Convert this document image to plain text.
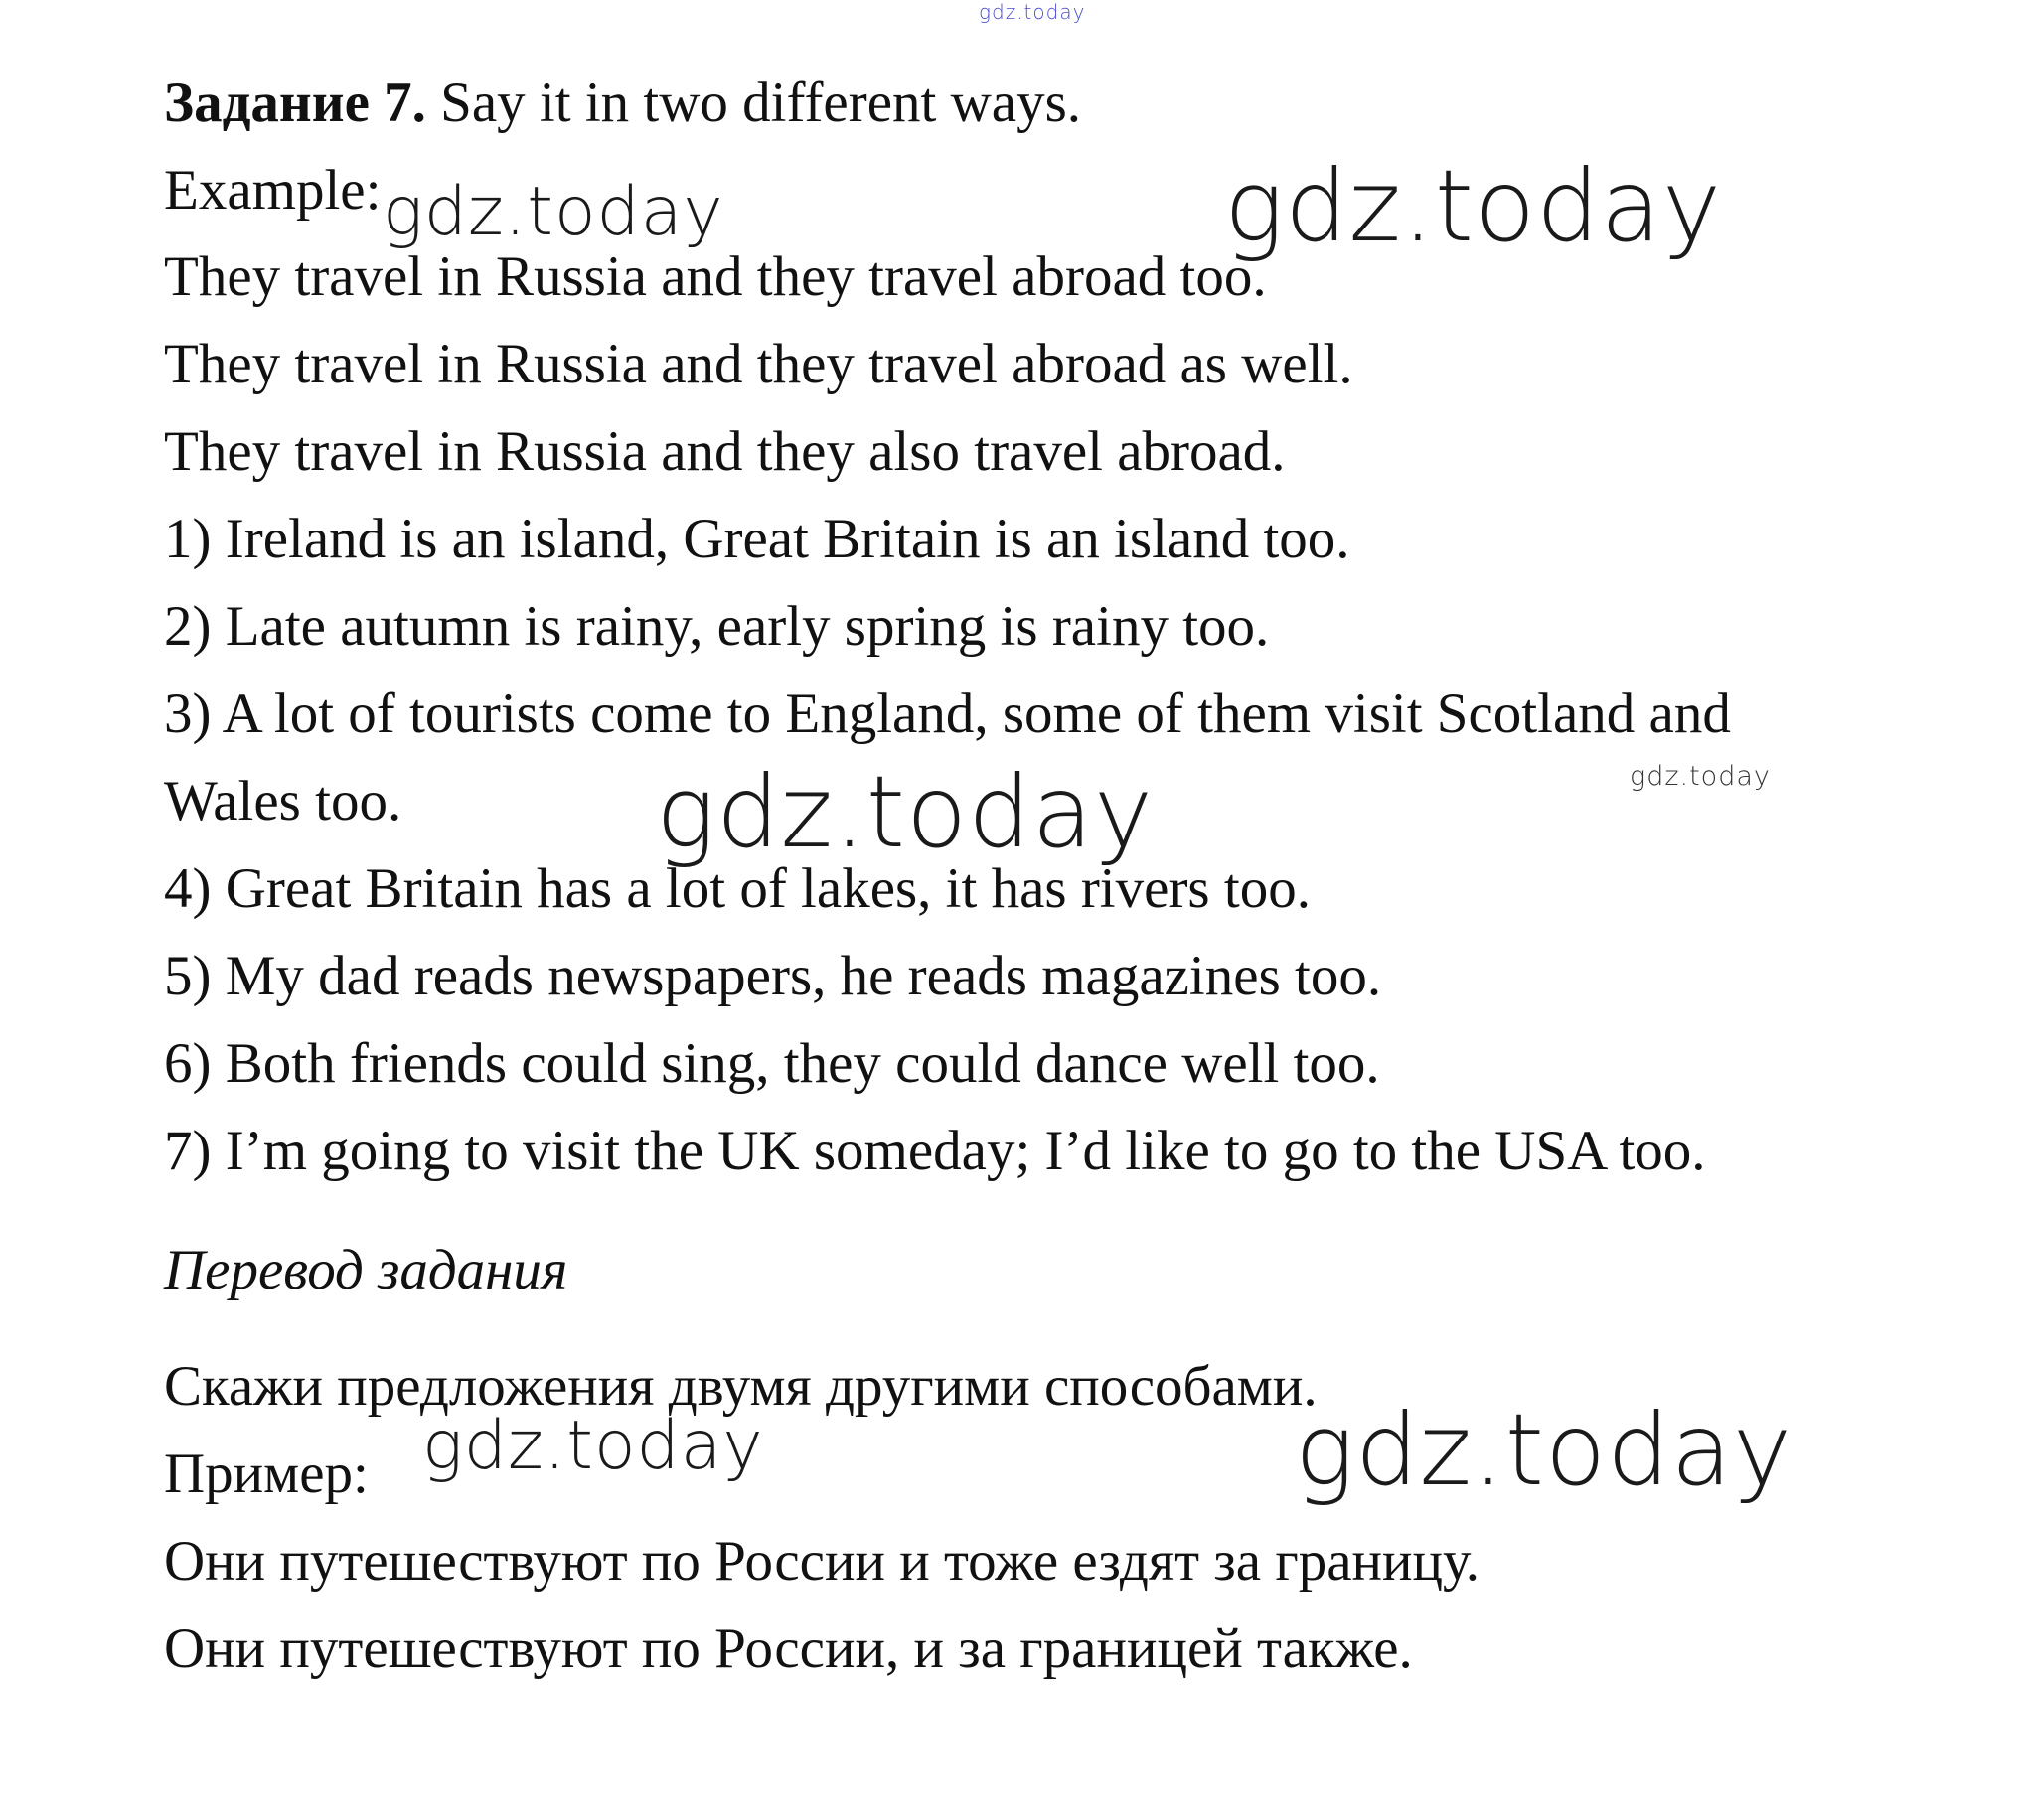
gdz.today
gdz.today	gdz.today
gdz.today	gdz.today
gdz.today	gdz.today
Задание 7. Say it in two different ways.
Example:
They travel in Russia and they travel abroad too.
They travel in Russia and they travel abroad as well.
They travel in Russia and they also travel abroad.
1) Ireland is an island, Great Britain is an island too.
2) Late autumn is rainy, early spring is rainy too.
3) A lot of tourists come to England, some of them visit Scotland and
Wales too.
4) Great Britain has a lot of lakes, it has rivers too.
5) My dad reads newspapers, he reads magazines too.
6) Both friends could sing, they could dance well too.
7) I’m going to visit the UK someday; I’d like to go to the USA too.
Перевод задания
Скажи предложения двумя другими способами.
Пример:
Они путешествуют по России и тоже ездят за границу.
Они путешествуют по России, и за границей также.
